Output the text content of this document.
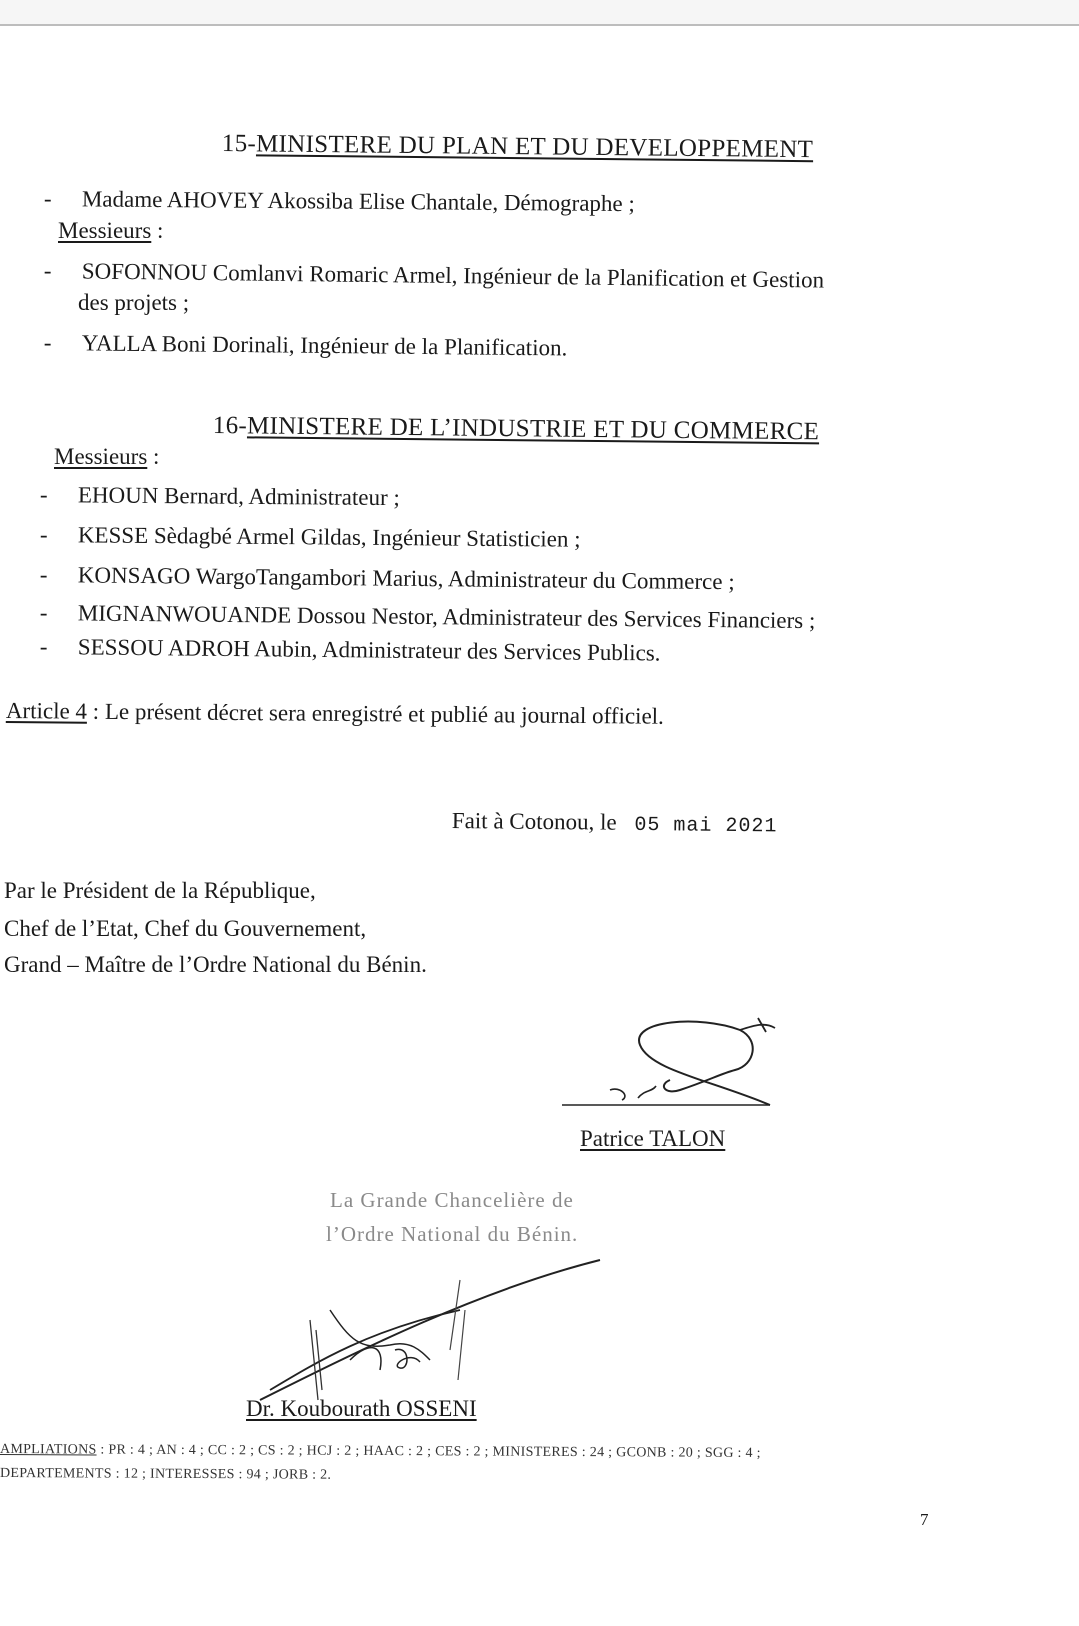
15-MINISTERE DU PLAN ET DU DEVELOPPEMENT
- Madame AHOVEY Akossiba Elise Chantale, Démographe ;
Messieurs :
- SOFONNOU Comlanvi Romaric Armel, Ingénieur de la Planification et Gestion
des projets ;
- YALLA Boni Dorinali, Ingénieur de la Planification.
16-MINISTERE DE L’INDUSTRIE ET DU COMMERCE
Messieurs :
- EHOUN Bernard, Administrateur ;
- KESSE Sèdagbé Armel Gildas, Ingénieur Statisticien ;
- KONSAGO WargoTangambori Marius, Administrateur du Commerce ;
- MIGNANWOUANDE Dossou Nestor, Administrateur des Services Financiers ;
- SESSOU ADROH Aubin, Administrateur des Services Publics.
Article 4 : Le présent décret sera enregistré et publié au journal officiel.
Fait à Cotonou, le 05 mai 2021
Par le Président de la République,
Chef de l’Etat, Chef du Gouvernement,
Grand – Maître de l’Ordre National du Bénin.
Patrice TALON
La Grande Chancelière de
l’Ordre National du Bénin.
Dr. Koubourath OSSENI
AMPLIATIONS : PR : 4 ; AN : 4 ; CC : 2 ; CS : 2 ; HCJ : 2 ; HAAC : 2 ; CES : 2 ; MINISTERES : 24 ; GCONB : 20 ; SGG : 4 ;
DEPARTEMENTS : 12 ; INTERESSES : 94 ; JORB : 2.
7
